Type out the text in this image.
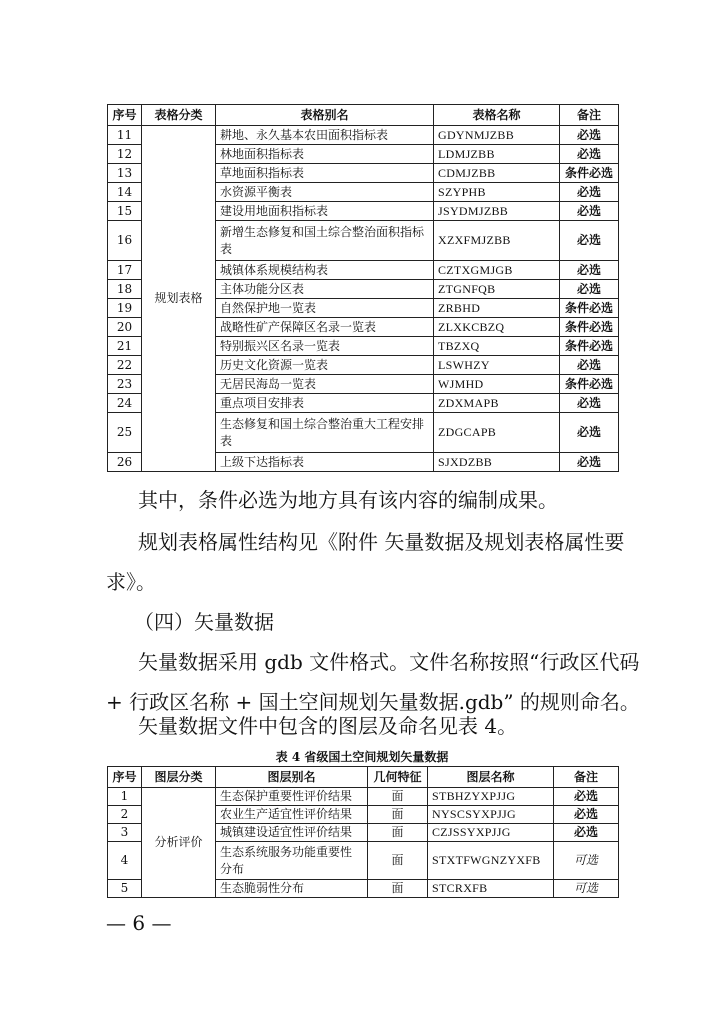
序号	表格分类	表格别名	表格名称	备注
11	规划表格	耕地、永久基本农田面积指标表	GDYNMJZBB	必选
12		林地面积指标表	LDMJZBB	必选
13		草地面积指标表	CDMJZBB	条件必选
14		水资源平衡表	SZYPHB	必选
15		建设用地面积指标表	JSYDMJZBB	必选
16		新增生态修复和国土综合整治面积指标表	XZXFMJZBB	必选
17		城镇体系规模结构表	CZTXGMJGB	必选
18		主体功能分区表	ZTGNFQB	必选
19		自然保护地一览表	ZRBHD	条件必选
20		战略性矿产保障区名录一览表	ZLXKCBZQ	条件必选
21		特别振兴区名录一览表	TBZXQ	条件必选
22		历史文化资源一览表	LSWHZY	必选
23		无居民海岛一览表	WJMHD	条件必选
24		重点项目安排表	ZDXMAPB	必选
25		生态修复和国土综合整治重大工程安排表	ZDGCAPB	必选
26		上级下达指标表	SJXDZBB	必选

其中，条件必选为地方具有该内容的编制成果。

规划表格属性结构见《附件 矢量数据及规划表格属性要

求》。

（四）矢量数据

矢量数据采用 gdb 文件格式。文件名称按照“行政区代码

+ 行政区名称 + 国土空间规划矢量数据.gdb” 的规则命名。

矢量数据文件中包含的图层及命名见表 4。

表 4 省级国土空间规划矢量数据
序号	图层分类	图层别名	几何特征	图层名称	备注
1	分析评价	生态保护重要性评价结果	面	STBHZYXPJJG	必选
2		农业生产适宜性评价结果	面	NYSCSYXPJJG	必选
3		城镇建设适宜性评价结果	面	CZJSSYXPJJG	必选
4		生态系统服务功能重要性分布	面	STXTFWGNZYXFB	可选
5		生态脆弱性分布	面	STCRXFB	可选
— 6 —
